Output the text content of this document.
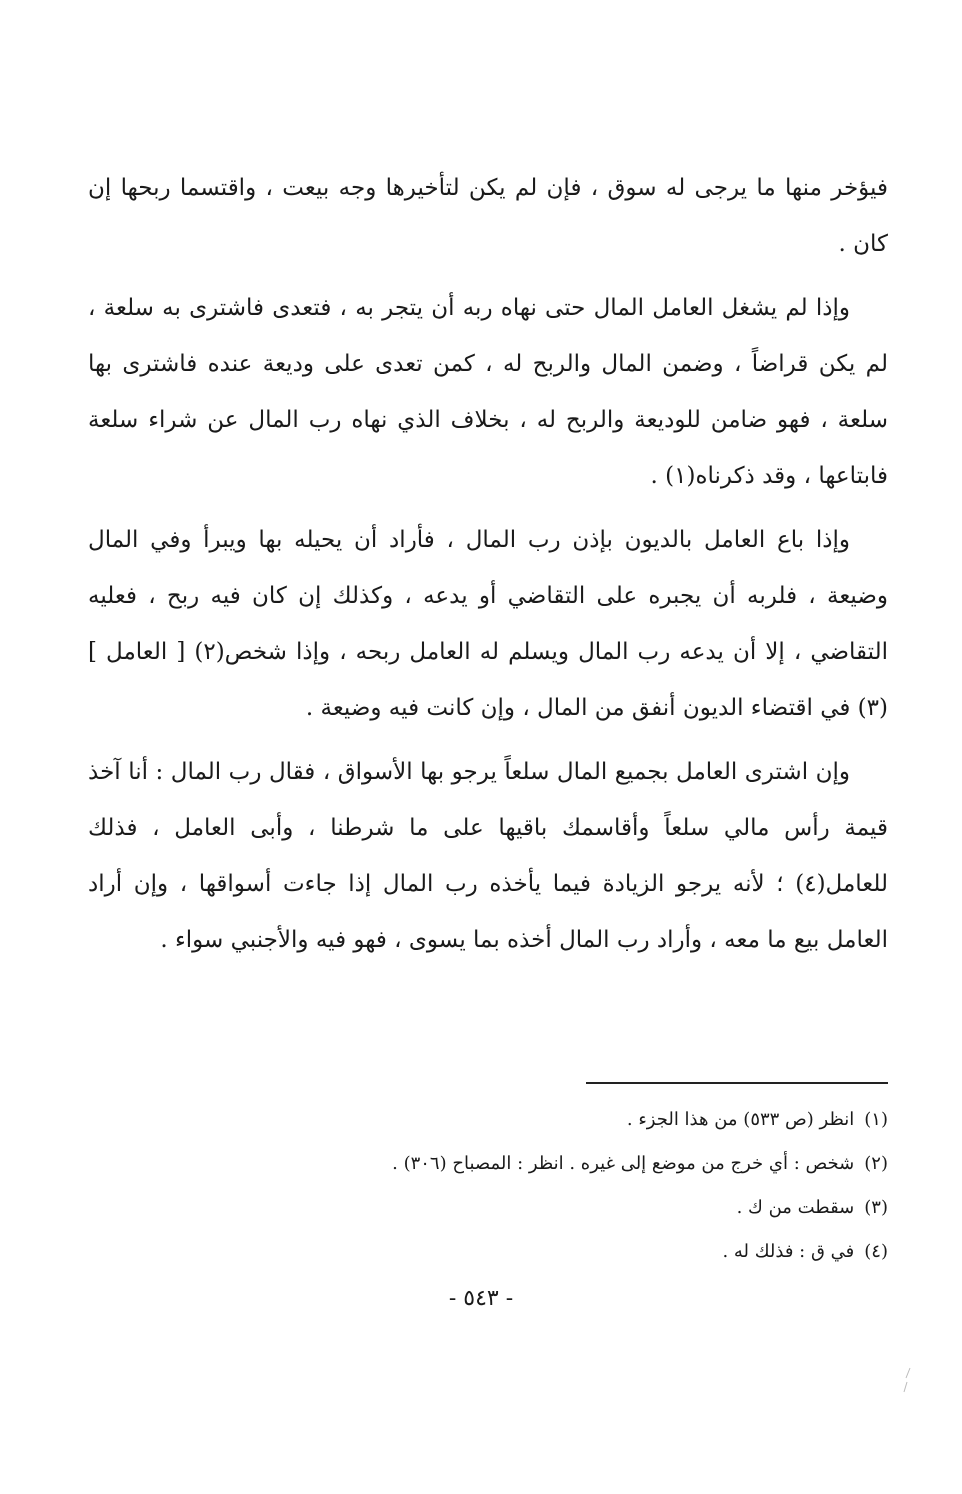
فيؤخر منها ما يرجى له سوق ، فإن لم يكن لتأخيرها وجه بيعت ، واقتسما ربحها إن كان .

وإذا لم يشغل العامل المال حتى نهاه ربه أن يتجر به ، فتعدى فاشترى به سلعة ، لم يكن قراضاً ، وضمن المال والربح له ، كمن تعدى على وديعة عنده فاشترى بها سلعة ، فهو ضامن للوديعة والربح له ، بخلاف الذي نهاه رب المال عن شراء سلعة فابتاعها ، وقد ذكرناه(١) .

وإذا باع العامل بالديون بإذن رب المال ، فأراد أن يحيله بها ويبرأ وفي المال وضيعة ، فلربه أن يجبره على التقاضي أو يدعه ، وكذلك إن كان فيه ربح ، فعليه التقاضي ، إلا أن يدعه رب المال ويسلم له العامل ربحه ، وإذا شخص(٢) [ العامل ](٣) في اقتضاء الديون أنفق من المال ، وإن كانت فيه وضيعة .

وإن اشترى العامل بجميع المال سلعاً يرجو بها الأسواق ، فقال رب المال : أنا آخذ قيمة رأس مالي سلعاً وأقاسمك باقيها على ما شرطنا ، وأبى العامل ، فذلك للعامل(٤) ؛ لأنه يرجو الزيادة فيما يأخذه رب المال إذا جاءت أسواقها ، وإن أراد العامل بيع ما معه ، وأراد رب المال أخذه بما يسوى ، فهو فيه والأجنبي سواء .

(١)انظر (ص ٥٣٣) من هذا الجزء .
(٢)شخص : أي خرج من موضع إلى غيره . انظر : المصباح (٣٠٦) .
(٣)سقطت من ك .
(٤)في ق : فذلك له .
- ٥٤٣ -
